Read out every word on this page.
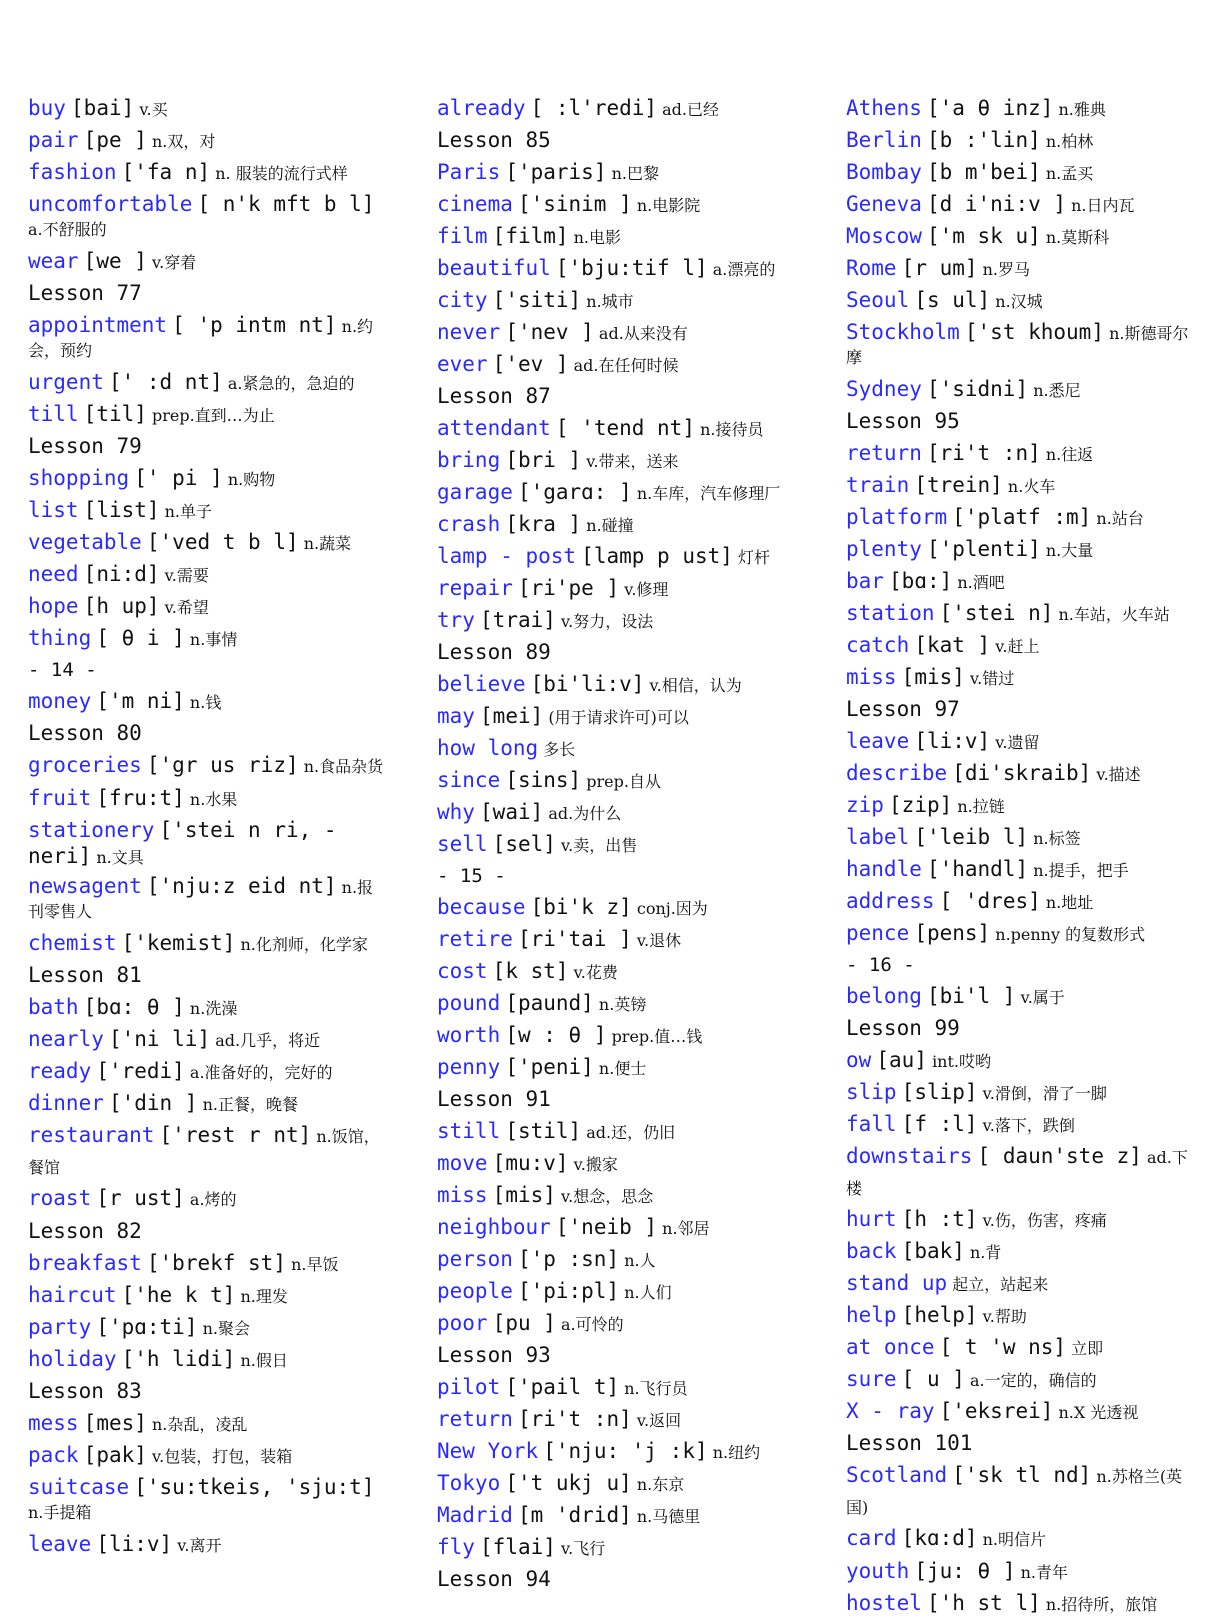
buy [bai] v.买
pair [pe ] n.双，对
fashion ['fa n] n. 服装的流行式样
uncomfortable [ n'k mft b l] a.不舒服的
wear [we ] v.穿着
Lesson 77
appointment [ 'p intm nt] n.约会，预约
urgent [' :d nt] a.紧急的，急迫的
till [til] prep.直到…为止
Lesson 79
shopping [' pi ] n.购物
list [list] n.单子
vegetable ['ved t b l] n.蔬菜
need [ni:d] v.需要
hope [h up] v.希望
thing [ θ i ] n.事情
- 14 -
money ['m ni] n.钱
Lesson 80
groceries ['gr us riz] n.食品杂货
fruit [fru:t] n.水果
stationery ['stei n ri, -neri] n.文具
newsagent ['nju:z eid nt] n.报刊零售人
chemist ['kemist] n.化剂师，化学家
Lesson 81
bath [bɑ: θ ] n.洗澡
nearly ['ni li] ad.几乎，将近
ready ['redi] a.准备好的，完好的
dinner ['din ] n.正餐，晚餐
restaurant ['rest r nt] n.饭馆，餐馆
roast [r ust] a.烤的
Lesson 82
breakfast ['brekf st] n.早饭
haircut ['he k t] n.理发
party ['pɑ:ti] n.聚会
holiday ['h lidi] n.假日
Lesson 83
mess [mes] n.杂乱，凌乱
pack [pak] v.包装，打包，装箱
suitcase ['su:tkeis, 'sju:t] n.手提箱
leave [li:v] v.离开
already [ :l'redi] ad.已经
Lesson 85
Paris ['paris] n.巴黎
cinema ['sinim ] n.电影院
film [film] n.电影
beautiful ['bju:tif l] a.漂亮的
city ['siti] n.城市
never ['nev ] ad.从来没有
ever ['ev ] ad.在任何时候
Lesson 87
attendant [ 'tend nt] n.接待员
bring [bri ] v.带来，送来
garage ['garɑ: ] n.车库，汽车修理厂
crash [kra ] n.碰撞
lamp - post [lamp p ust] 灯杆
repair [ri'pe ] v.修理
try [trai] v.努力，设法
Lesson 89
believe [bi'li:v] v.相信，认为
may [mei] (用于请求许可)可以
how long 多长
since [sins] prep.自从
why [wai] ad.为什么
sell [sel] v.卖，出售
- 15 -
because [bi'k z] conj.因为
retire [ri'tai ] v.退休
cost [k st] v.花费
pound [paund] n.英镑
worth [w : θ ] prep.值…钱
penny ['peni] n.便士
Lesson 91
still [stil] ad.还，仍旧
move [mu:v] v.搬家
miss [mis] v.想念，思念
neighbour ['neib ] n.邻居
person ['p :sn] n.人
people ['pi:pl] n.人们
poor [pu ] a.可怜的
Lesson 93
pilot ['pail t] n.飞行员
return [ri't :n] v.返回
New York ['nju: 'j :k] n.纽约
Tokyo ['t ukj u] n.东京
Madrid [m 'drid] n.马德里
fly [flai] v.飞行
Lesson 94
Athens ['a θ inz] n.雅典
Berlin [b :'lin] n.柏林
Bombay [b m'bei] n.孟买
Geneva [d i'ni:v ] n.日内瓦
Moscow ['m sk u] n.莫斯科
Rome [r um] n.罗马
Seoul [s ul] n.汉城
Stockholm ['st khoum] n.斯德哥尔摩
Sydney ['sidni] n.悉尼
Lesson 95
return [ri't :n] n.往返
train [trein] n.火车
platform ['platf :m] n.站台
plenty ['plenti] n.大量
bar [bɑ:] n.酒吧
station ['stei n] n.车站，火车站
catch [kat ] v.赶上
miss [mis] v.错过
Lesson 97
leave [li:v] v.遗留
describe [di'skraib] v.描述
zip [zip] n.拉链
label ['leib l] n.标签
handle ['handl] n.提手，把手
address [ 'dres] n.地址
pence [pens] n.penny 的复数形式
- 16 -
belong [bi'l ] v.属于
Lesson 99
ow [au] int.哎哟
slip [slip] v.滑倒，滑了一脚
fall [f :l] v.落下，跌倒
downstairs [ daun'ste z] ad.下楼
hurt [h :t] v.伤，伤害，疼痛
back [bak] n.背
stand up 起立，站起来
help [help] v.帮助
at once [ t 'w ns] 立即
sure [ u ] a.一定的，确信的
X - ray ['eksrei] n.X 光透视
Lesson 101
Scotland ['sk tl nd] n.苏格兰(英国)
card [kɑ:d] n.明信片
youth [ju: θ ] n.青年
hostel ['h st l] n.招待所，旅馆
